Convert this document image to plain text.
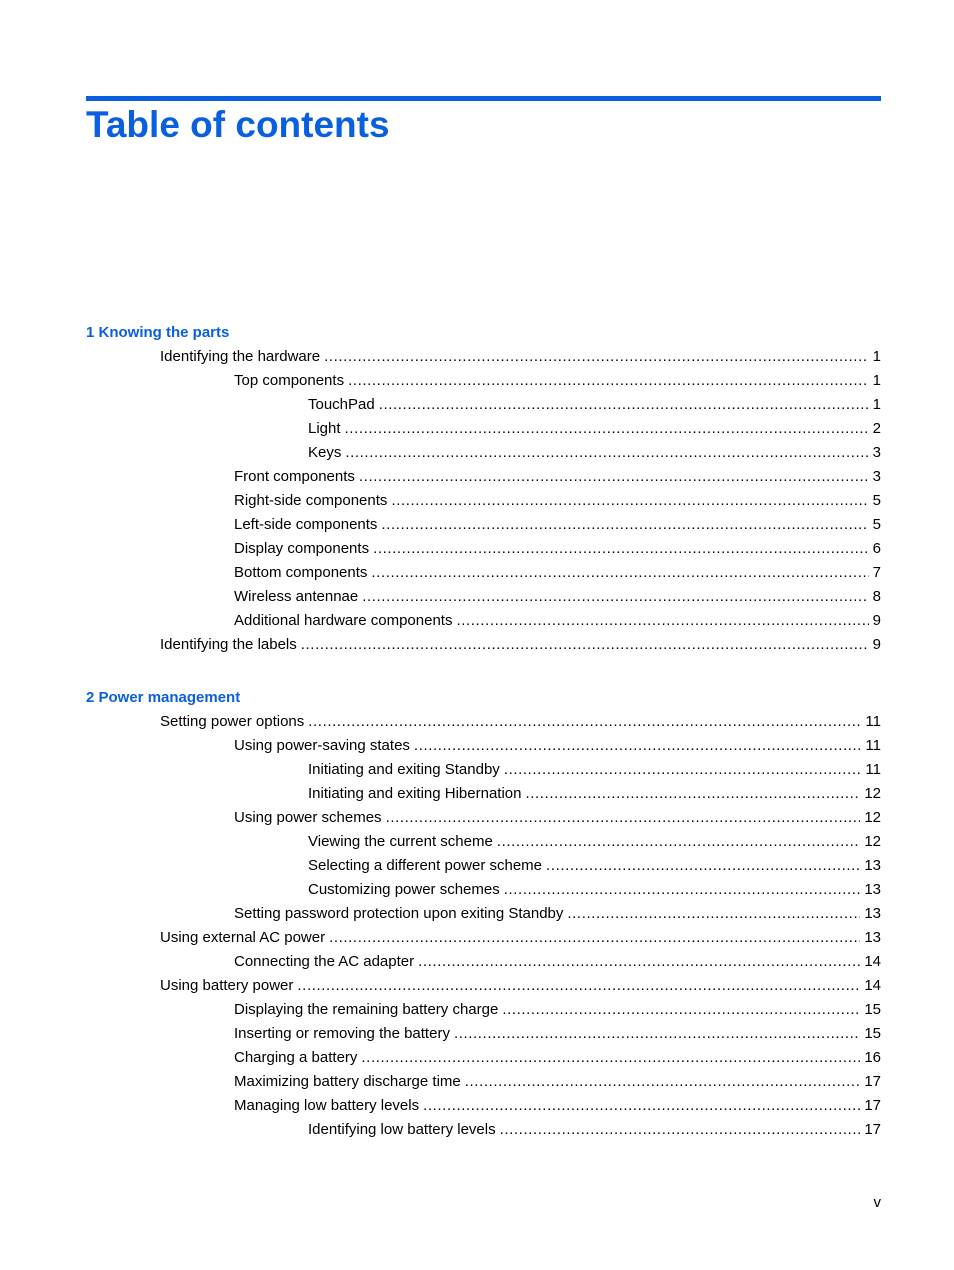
Table of contents
1 Knowing the parts
Identifying the hardware .....	1
Top components .....	1
TouchPad .....	1
Light .....	2
Keys .....	3
Front components .....	3
Right-side components .....	5
Left-side components .....	5
Display components .....	6
Bottom components .....	7
Wireless antennae .....	8
Additional hardware components .....	9
Identifying the labels .....	9
2 Power management
Setting power options .....	11
Using power-saving states .....	11
Initiating and exiting Standby .....	11
Initiating and exiting Hibernation .....	12
Using power schemes .....	12
Viewing the current scheme .....	12
Selecting a different power scheme .....	13
Customizing power schemes .....	13
Setting password protection upon exiting Standby .....	13
Using external AC power .....	13
Connecting the AC adapter .....	14
Using battery power .....	14
Displaying the remaining battery charge .....	15
Inserting or removing the battery .....	15
Charging a battery .....	16
Maximizing battery discharge time .....	17
Managing low battery levels .....	17
Identifying low battery levels .....	17
v
